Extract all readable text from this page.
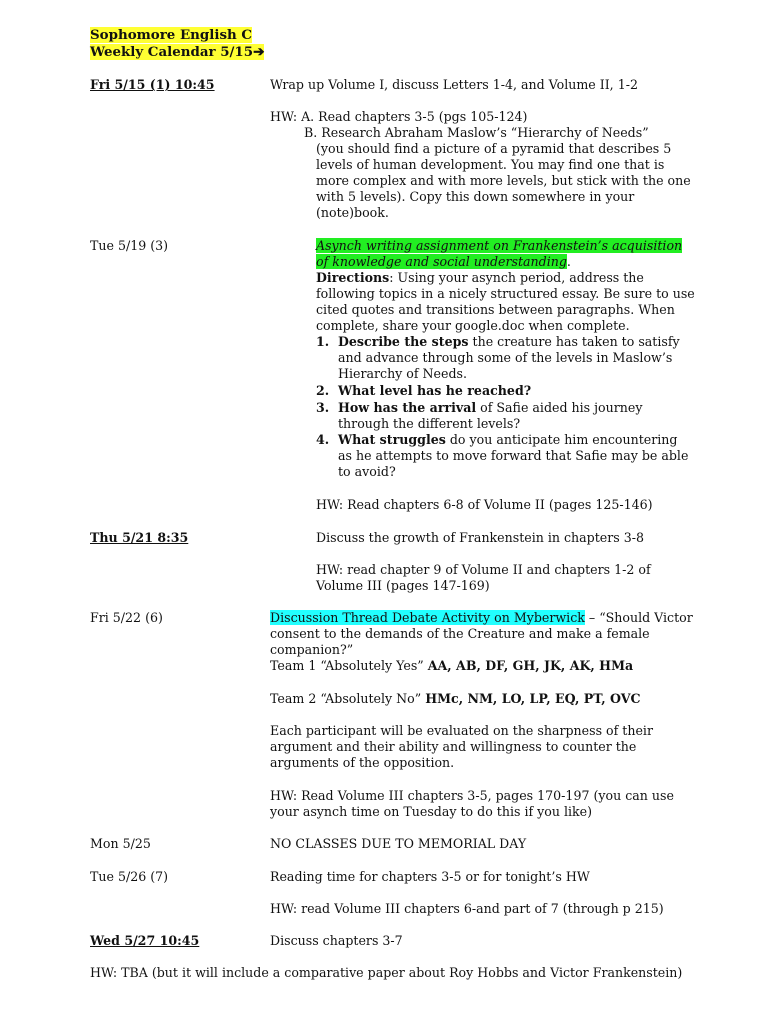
Sophomore English C
Weekly Calendar 5/15➔
Fri 5/15 (1) 10:45	Wrap up Volume I, discuss Letters 1-4, and Volume II, 1-2
HW: A. Read chapters 3-5 (pgs 105-124)
B. Research Abraham Maslow’s “Hierarchy of Needs”
(you should find a picture of a pyramid that describes 5
levels of human development. You may find one that is
more complex and with more levels, but stick with the one
with 5 levels). Copy this down somewhere in your
(note)book.
Tue 5/19 (3)	Asynch writing assignment on Frankenstein’s acquisition
of knowledge and social understanding.
Directions: Using your asynch period, address the
following topics in a nicely structured essay. Be sure to use
cited quotes and transitions between paragraphs. When
complete, share your google.doc when complete.
1. Describe the steps the creature has taken to satisfy
and advance through some of the levels in Maslow’s
Hierarchy of Needs.
2. What level has he reached?
3. How has the arrival of Safie aided his journey
through the different levels?
4. What struggles do you anticipate him encountering
as he attempts to move forward that Safie may be able
to avoid?
HW: Read chapters 6-8 of Volume II (pages 125-146)
Thu 5/21 8:35	Discuss the growth of Frankenstein in chapters 3-8
HW: read chapter 9 of Volume II and chapters 1-2 of
Volume III (pages 147-169)
Fri 5/22 (6)	Discussion Thread Debate Activity on Myberwick – “Should Victor
consent to the demands of the Creature and make a female
companion?”
Team 1 “Absolutely Yes” AA, AB, DF, GH, JK, AK, HMa
Team 2 “Absolutely No” HMc, NM, LO, LP, EQ, PT, OVC
Each participant will be evaluated on the sharpness of their
argument and their ability and willingness to counter the
arguments of the opposition.
HW: Read Volume III chapters 3-5, pages 170-197 (you can use
your asynch time on Tuesday to do this if you like)
Mon 5/25	NO CLASSES DUE TO MEMORIAL DAY
Tue 5/26 (7)	Reading time for chapters 3-5 or for tonight’s HW
HW: read Volume III chapters 6-and part of 7 (through p 215)
Wed 5/27 10:45	Discuss chapters 3-7
HW: TBA (but it will include a comparative paper about Roy Hobbs and Victor Frankenstein)
